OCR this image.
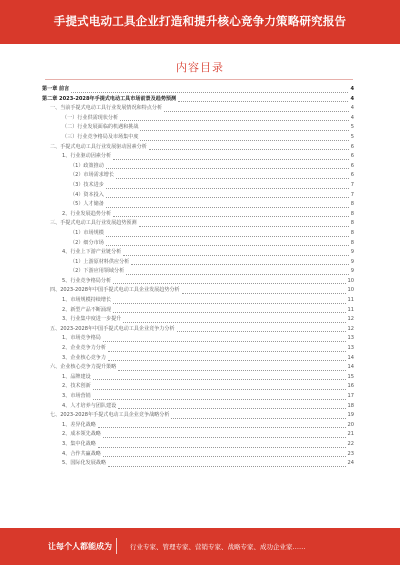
手提式电动工具企业打造和提升核心竞争力策略研究报告
内容目录
第一章 前言	4
第二章 2023-2028年手提式电动工具市场前景及趋势预测	4
一、当前手提式电动工具行业发展情况和特点分析	4
（一）行业供需现状分析	4
（二）行业发展面临的机遇和挑战	5
（三）行业竞争格局及市场集中度	5
二、手提式电动工具行业发展驱动因素分析	6
1、行业驱动因素分析	6
（1）政策推动	6
（2）市场需求增长	6
（3）技术进步	7
（4）资本投入	7
（5）人才储备	8
2、行业发展趋势分析	8
三、手提式电动工具行业发展趋势预测	8
（1）市场规模	8
（2）细分市场	8
4、行业上下游产业链分析	9
（1）上游原材料供应分析	9
（2）下游应用领域分析	9
5、行业竞争格局分析	10
四、2023-2028年中国手提式电动工具企业发展趋势分析	10
1、市场规模持续增长	11
2、新型产品不断涌现	11
3、行业集中度进一步提升	12
五、2023-2028年中国手提式电动工具企业竞争力分析	12
1、市场竞争格局	13
2、企业竞争力分析	13
3、企业核心竞争力	14
六、企业核心竞争力提升策略	14
1、品牌建设	15
2、技术创新	16
3、市场营销	17
4、人才培养与团队建设	18
七、2023-2028年手提式电动工具企业竞争战略分析	19
1、差异化战略	20
2、成本领先战略	21
3、集中化战略	22
4、合作共赢战略	23
5、国际化发展战略	24
让每个人都能成为	行业专家、管理专家、营销专家、战略专家、成功企业家……
